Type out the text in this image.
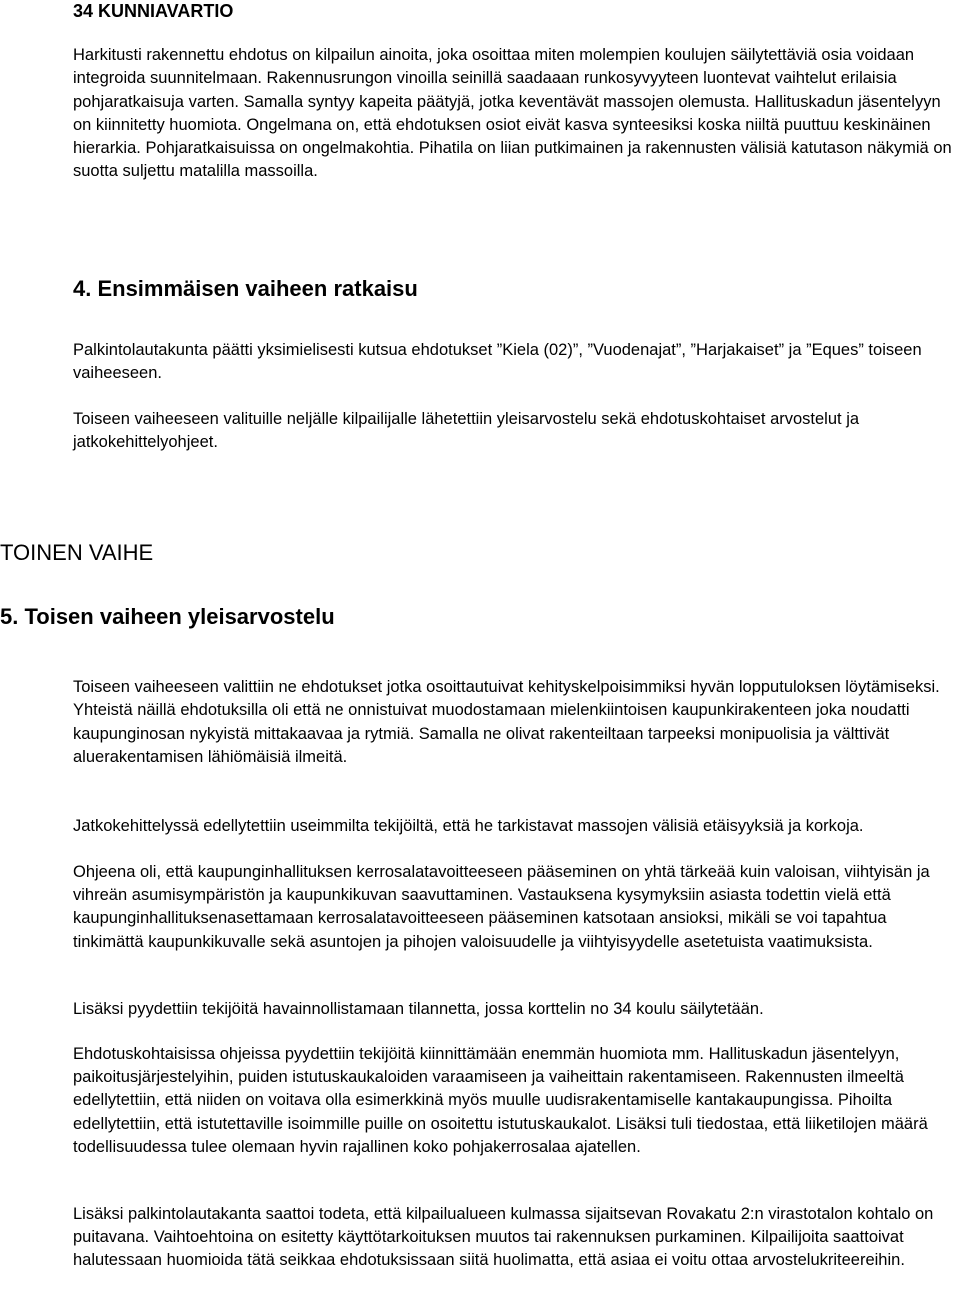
34 KUNNIAVARTIO

Harkitusti rakennettu ehdotus on kilpailun ainoita, joka osoittaa miten molempien koulujen säilytettäviä osia voidaan integroida suunnitelmaan. Rakennusrungon vinoilla seinillä saadaaan runkosyvyyteen luontevat vaihtelut erilaisia pohjaratkaisuja varten. Samalla syntyy kapeita päätyjä, jotka keventävät massojen olemusta. Hallituskadun jäsentelyyn on kiinnitetty huomiota. Ongelmana on, että ehdotuksen osiot eivät kasva synteesiksi koska niiltä puuttuu keskinäinen hierarkia. Pohjaratkaisuissa on ongelmakohtia. Pihatila on liian putkimainen ja rakennusten välisiä katutason näkymiä on suotta suljettu matalilla massoilla.

4. Ensimmäisen vaiheen ratkaisu

Palkintolautakunta päätti yksimielisesti kutsua ehdotukset ”Kiela (02)”, ”Vuodenajat”, ”Harjakaiset” ja ”Eques” toiseen vaiheeseen.

Toiseen vaiheeseen valituille neljälle kilpailijalle lähetettiin yleisarvostelu sekä ehdotuskohtaiset arvostelut ja jatkokehittelyohjeet.

TOINEN VAIHE
5. Toisen vaiheen yleisarvostelu

Toiseen vaiheeseen valittiin ne ehdotukset jotka osoittautuivat kehityskelpoisimmiksi hyvän lopputuloksen löytämiseksi. Yhteistä näillä ehdotuksilla oli että ne onnistuivat muodostamaan mielenkiintoisen kaupunkirakenteen joka noudatti kaupunginosan nykyistä mittakaavaa ja rytmiä. Samalla ne olivat rakenteiltaan tarpeeksi monipuolisia ja välttivät aluerakentamisen lähiömäisiä ilmeitä.

Jatkokehittelyssä edellytettiin useimmilta tekijöiltä, että he tarkistavat massojen välisiä etäisyyksiä ja korkoja.

Ohjeena oli, että kaupunginhallituksen kerrosalatavoitteeseen pääseminen on yhtä tärkeää kuin valoisan, viihtyisän ja vihreän asumisympäristön ja kaupunkikuvan saavuttaminen. Vastauksena kysymyksiin asiasta todettin vielä että kaupunginhallituksenasettamaan kerrosalatavoitteeseen pääseminen katsotaan ansioksi, mikäli se voi tapahtua tinkimättä kaupunkikuvalle sekä asuntojen ja pihojen valoisuudelle ja viihtyisyydelle asetetuista vaatimuksista.

Lisäksi pyydettiin tekijöitä havainnollistamaan tilannetta, jossa korttelin no 34 koulu säilytetään.

Ehdotuskohtaisissa ohjeissa pyydettiin tekijöitä kiinnittämään enemmän huomiota mm. Hallituskadun jäsentelyyn, paikoitusjärjestelyihin, puiden istutuskaukaloiden varaamiseen ja vaiheittain rakentamiseen. Rakennusten ilmeeltä edellytettiin, että niiden on voitava olla esimerkkinä myös muulle uudisrakentamiselle kantakaupungissa. Pihoilta edellytettiin, että istutettaville isoimmille puille on osoitettu istutuskaukalot. Lisäksi tuli tiedostaa, että liiketilojen määrä todellisuudessa tulee olemaan hyvin rajallinen koko pohjakerrosalaa ajatellen.

Lisäksi palkintolautakanta saattoi todeta, että kilpailualueen kulmassa sijaitsevan Rovakatu 2:n virastotalon kohtalo on puitavana. Vaihtoehtoina on esitetty käyttötarkoituksen muutos tai rakennuksen purkaminen. Kilpailijoita saattoivat halutessaan huomioida tätä seikkaa ehdotuksissaan siitä huolimatta, että asiaa ei voitu ottaa arvostelukriteereihin.
